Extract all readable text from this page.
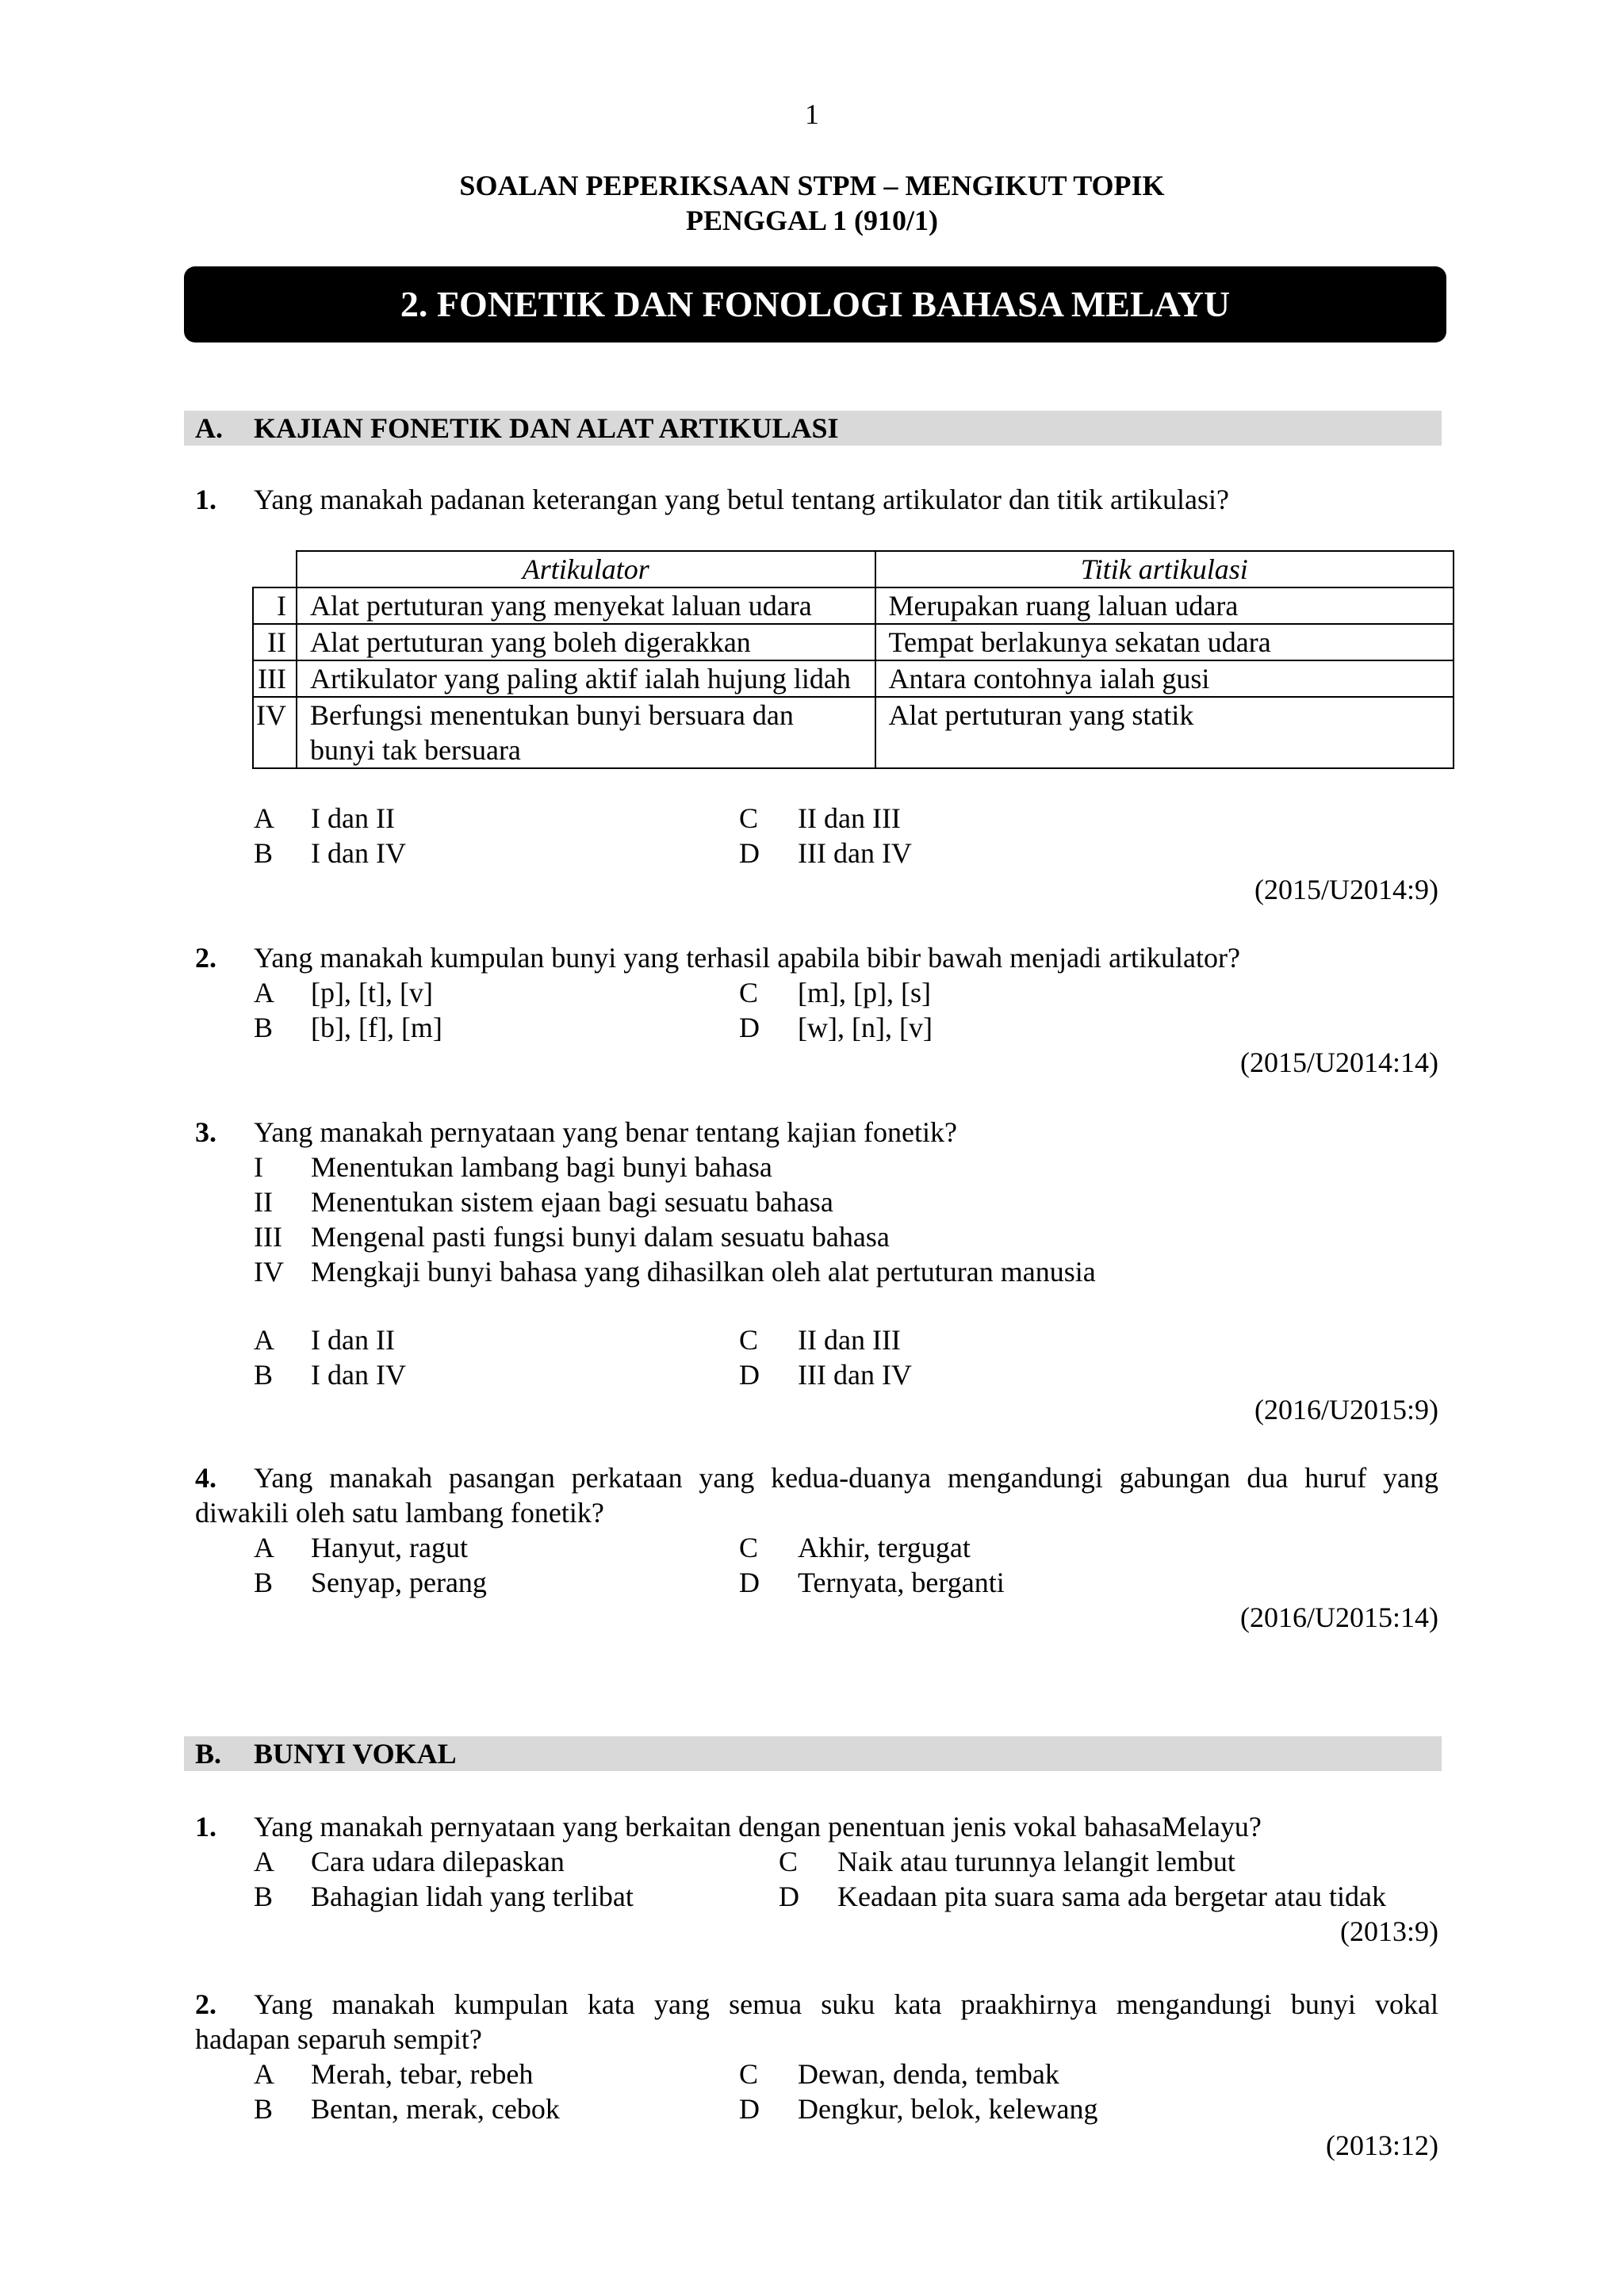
1
SOALAN PEPERIKSAAN STPM – MENGIKUT TOPIK
PENGGAL 1 (910/1)
2. FONETIK DAN FONOLOGI BAHASA MELAYU
A. KAJIAN FONETIK DAN ALAT ARTIKULASI
1. Yang manakah padanan keterangan yang betul tentang artikulator dan titik artikulasi?
	Artikulator	Titik artikulasi
I	Alat pertuturan yang menyekat laluan udara	Merupakan ruang laluan udara
II	Alat pertuturan yang boleh digerakkan	Tempat berlakunya sekatan udara
III	Artikulator yang paling aktif ialah hujung lidah	Antara contohnya ialah gusi
IV	Berfungsi menentukan bunyi bersuara dan bunyi tak bersuara	Alat pertuturan yang statik
A I dan II	C II dan III
B I dan IV	D III dan IV
(2015/U2014:9)
2. Yang manakah kumpulan bunyi yang terhasil apabila bibir bawah menjadi artikulator?
A [p], [t], [v]	C [m], [p], [s]
B [b], [f], [m]	D [w], [n], [v]
(2015/U2014:14)
3. Yang manakah pernyataan yang benar tentang kajian fonetik?
I Menentukan lambang bagi bunyi bahasa
II Menentukan sistem ejaan bagi sesuatu bahasa
III Mengenal pasti fungsi bunyi dalam sesuatu bahasa
IV Mengkaji bunyi bahasa yang dihasilkan oleh alat pertuturan manusia
A I dan II	C II dan III
B I dan IV	D III dan IV
(2016/U2015:9)
4. Yang manakah pasangan perkataan yang kedua-duanya mengandungi gabungan dua huruf yang
diwakili oleh satu lambang fonetik?
A Hanyut, ragut	C Akhir, tergugat
B Senyap, perang	D Ternyata, berganti
(2016/U2015:14)
B. BUNYI VOKAL
1. Yang manakah pernyataan yang berkaitan dengan penentuan jenis vokal bahasaMelayu?
A Cara udara dilepaskan	C Naik atau turunnya lelangit lembut
B Bahagian lidah yang terlibat	D Keadaan pita suara sama ada bergetar atau tidak
(2013:9)
2. Yang manakah kumpulan kata yang semua suku kata praakhirnya mengandungi bunyi vokal
hadapan separuh sempit?
A Merah, tebar, rebeh	C Dewan, denda, tembak
B Bentan, merak, cebok	D Dengkur, belok, kelewang
(2013:12)
